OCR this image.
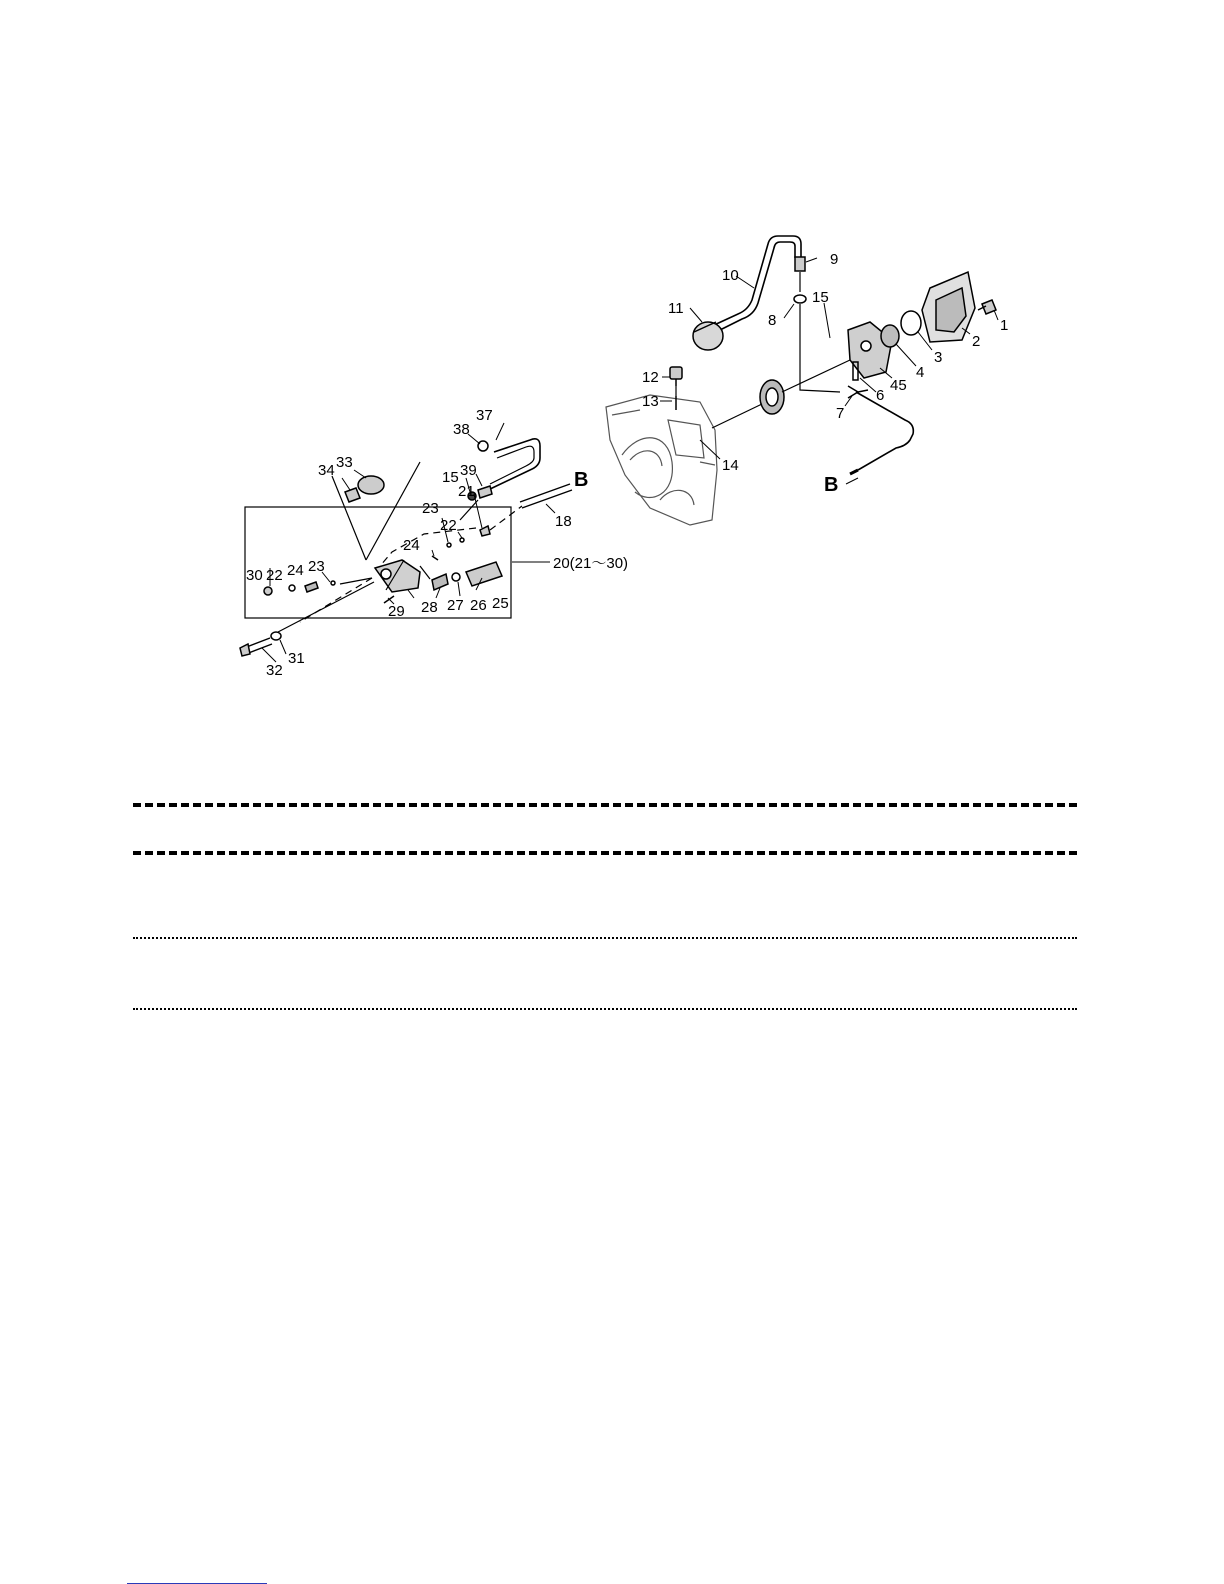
1
2
3
4
45
6
7
8
9
10
11
12
13
14
15
15
18
20(21～30)
21
22
22
23
23
24
24
25
26
27
28
29
30
31
32
33
34
37
38
39	B	B
